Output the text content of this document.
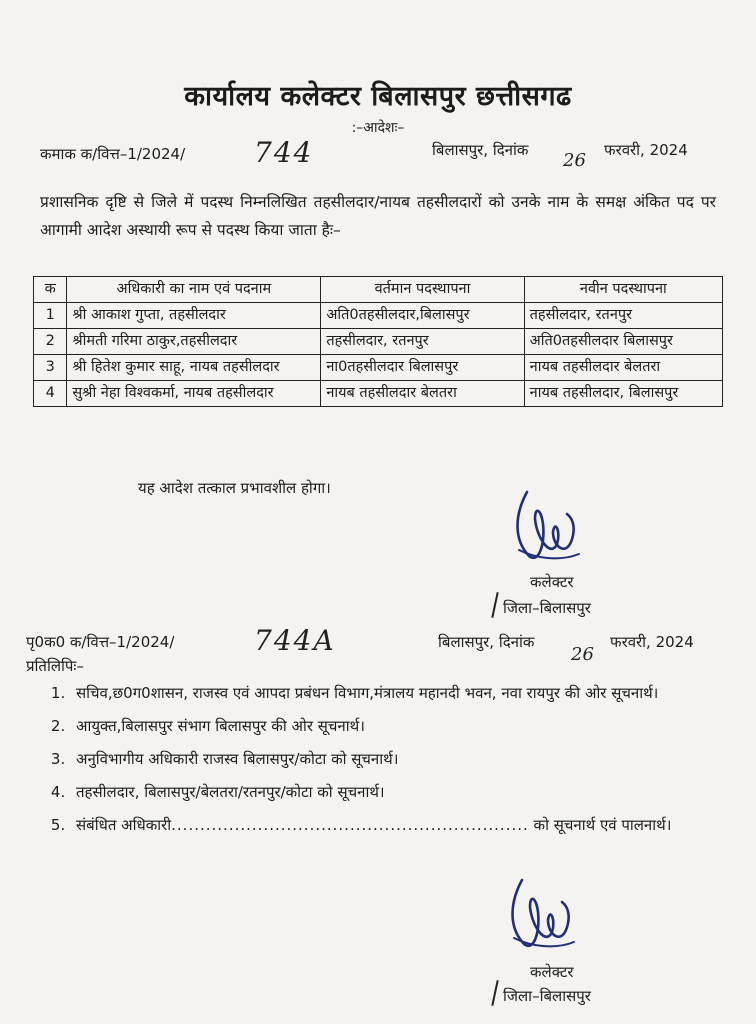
कार्यालय कलेक्टर बिलासपुर छत्तीसगढ
:–आदेशः–
कमाक क/वित्त–1/2024/ 744	बिलासपुर, दिनांक 26 फरवरी, 2024
प्रशासनिक दृष्टि से जिले में पदस्थ निम्नलिखित तहसीलदार/नायब तहसीलदारों को उनके नाम के समक्ष अंकित पद पर आगामी आदेश अस्थायी रूप से पदस्थ किया जाता हैः–
क	अधिकारी का नाम एवं पदनाम	वर्तमान पदस्थापना	नवीन पदस्थापना
1	श्री आकाश गुप्ता, तहसीलदार	अति0तहसीलदार,बिलासपुर	तहसीलदार, रतनपुर
2	श्रीमती गरिमा ठाकुर,तहसीलदार	तहसीलदार, रतनपुर	अति0तहसीलदार बिलासपुर
3	श्री हितेश कुमार साहू, नायब तहसीलदार	ना0तहसीलदार बिलासपुर	नायब तहसीलदार बेलतरा
4	सुश्री नेहा विश्वकर्मा, नायब तहसीलदार	नायब तहसीलदार बेलतरा	नायब तहसीलदार, बिलासपुर
यह आदेश तत्काल प्रभावशील होगा।
कलेक्टर
जिला–बिलासपुर
पृ0क0 क/वित्त–1/2024/	744A	बिलासपुर, दिनांक
26
फरवरी, 2024
प्रतिलिपिः–
1. सचिव,छ0ग0शासन, राजस्व एवं आपदा प्रबंधन विभाग,मंत्रालय महानदी भवन, नवा रायपुर की ओर सूचनार्थ।
2. आयुक्त,बिलासपुर संभाग बिलासपुर की ओर सूचनार्थ।
3. अनुविभागीय अधिकारी राजस्व बिलासपुर/कोटा को सूचनार्थ।
4. तहसीलदार, बिलासपुर/बेलतरा/रतनपुर/कोटा को सूचनार्थ।
5. संबंधित अधिकारी.............................................................. को सूचनार्थ एवं पालनार्थ।
कलेक्टर
जिला–बिलासपुर
